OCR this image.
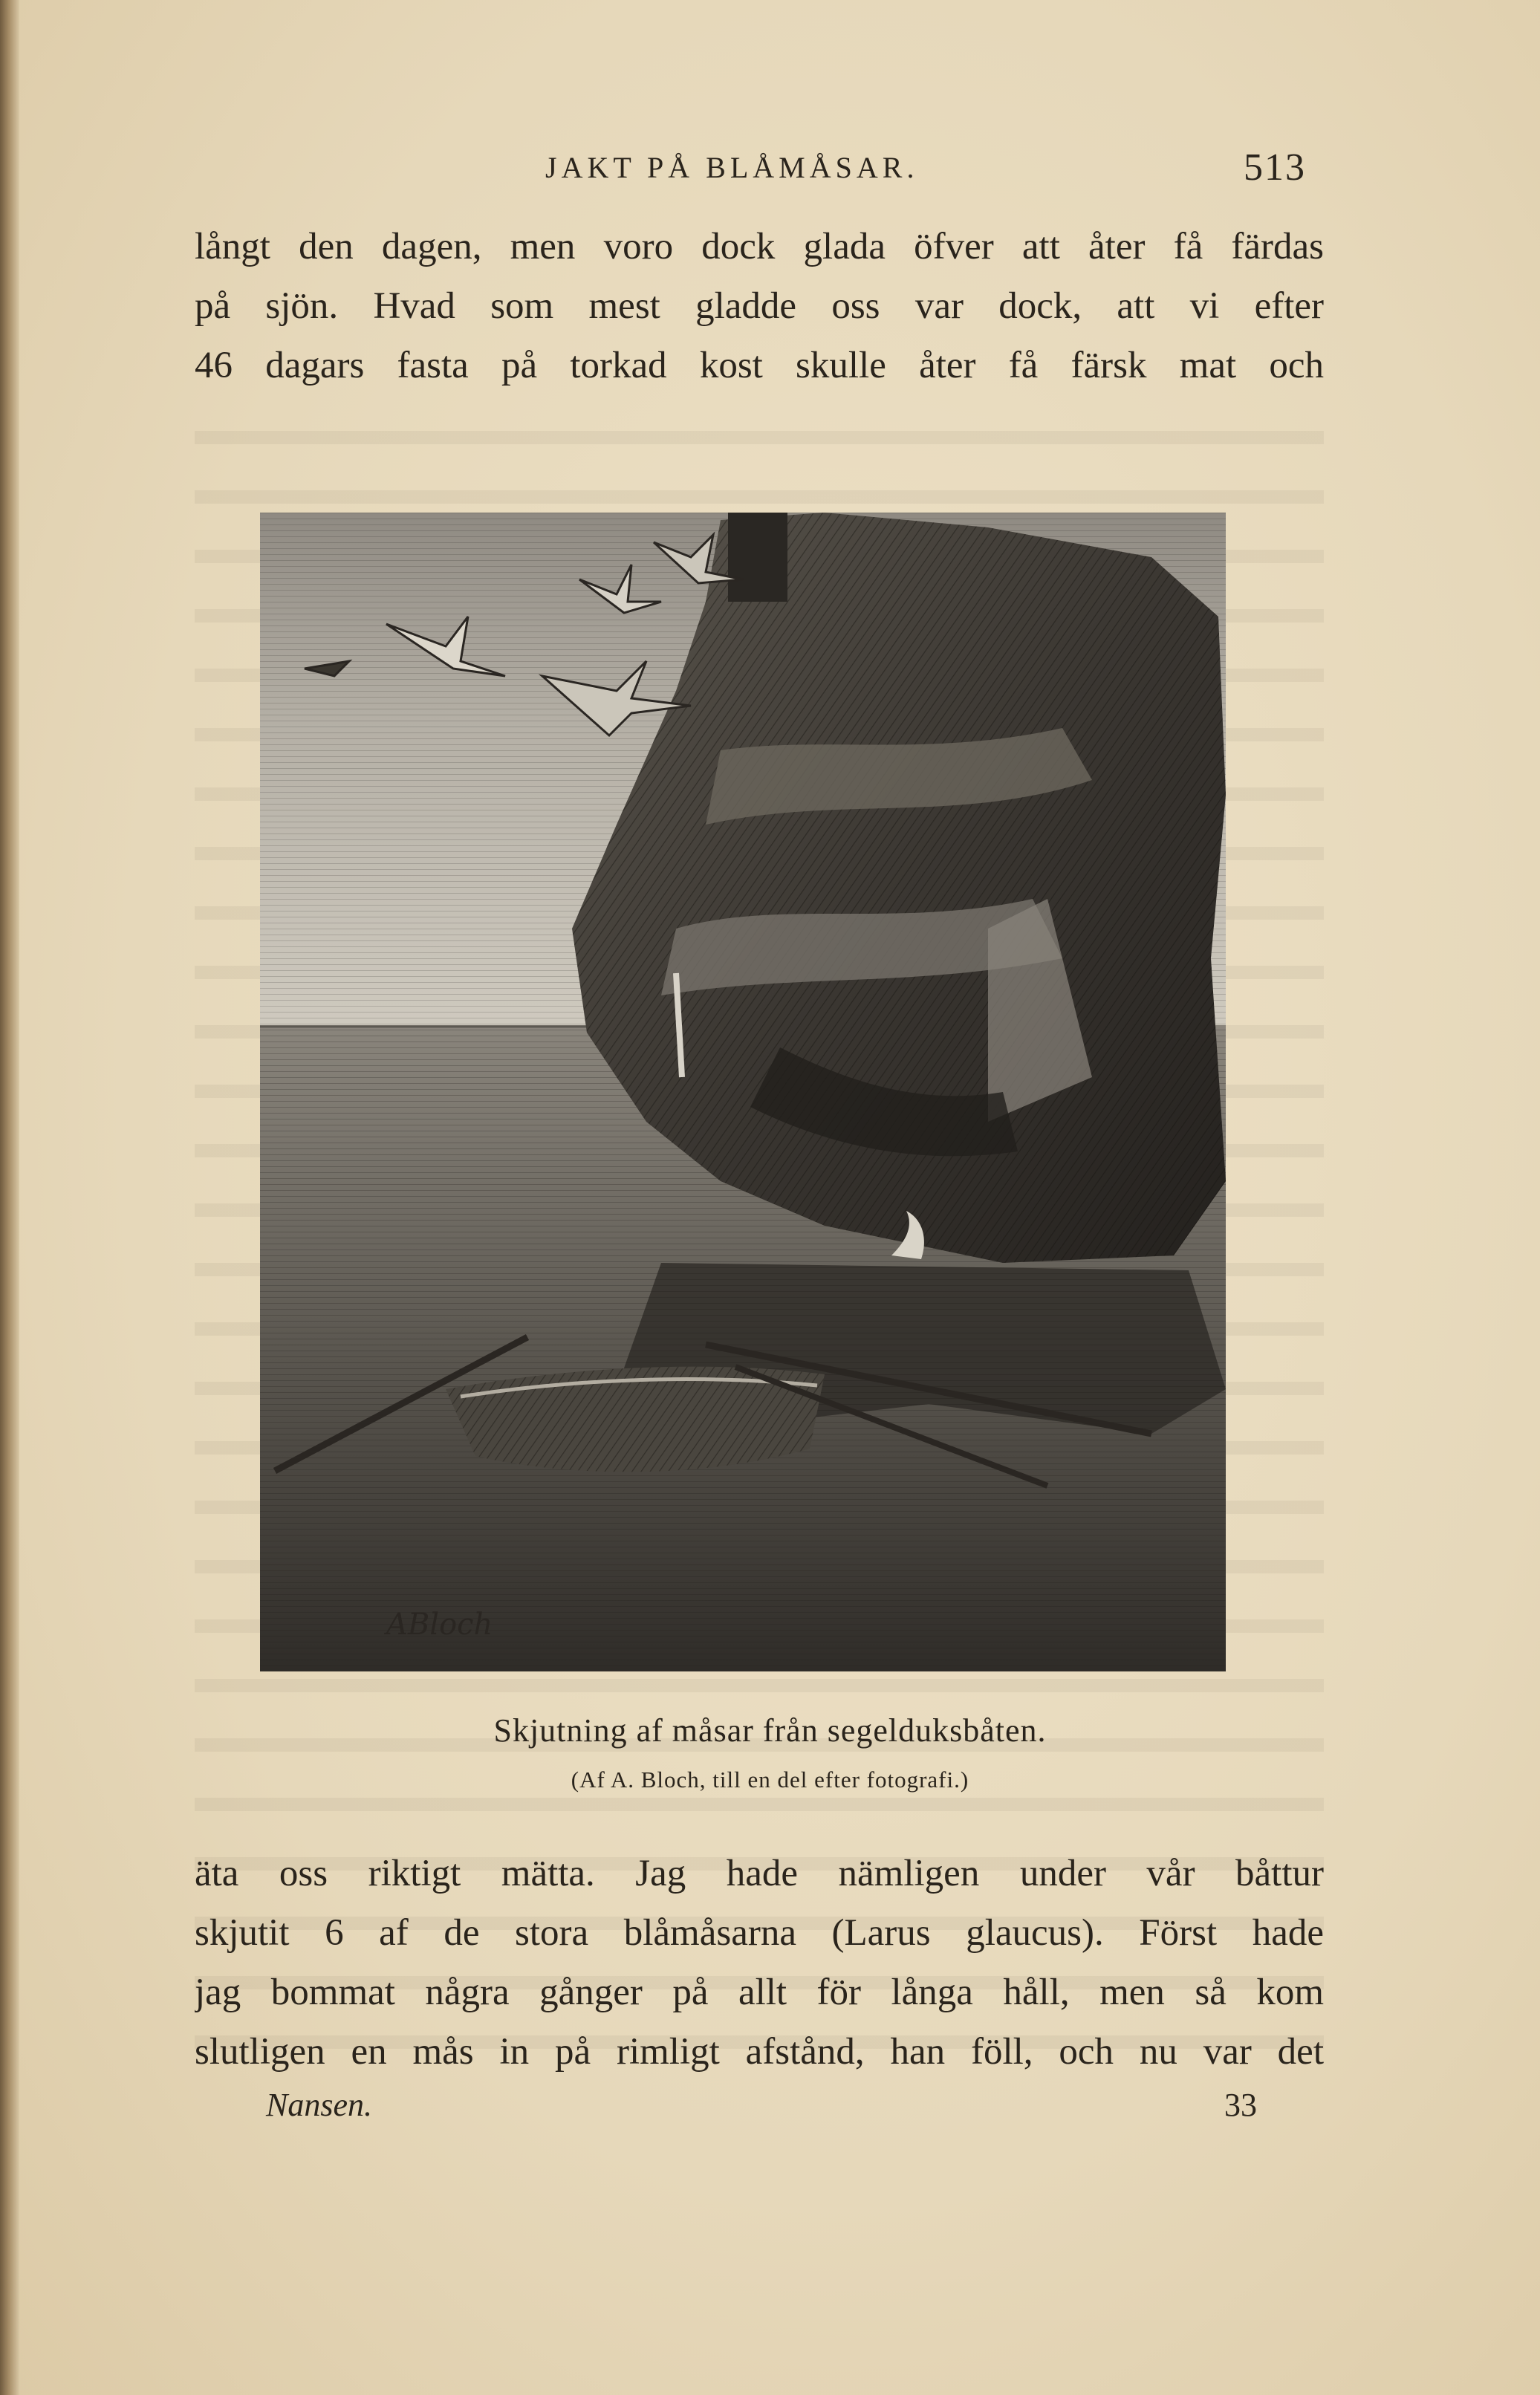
JAKT PÅ BLÅMÅSAR.	513
långt den dagen, men voro dock glada öfver att åter få färdas
på sjön. Hvad som mest gladde oss var dock, att vi efter
46 dagars fasta på torkad kost skulle åter få färsk mat och
ABloch
Skjutning af måsar från segelduksbåten.
(Af A. Bloch, till en del efter fotografi.)
äta oss riktigt mätta. Jag hade nämligen under vår båttur
skjutit 6 af de stora blåmåsarna (Larus glaucus). Först hade
jag bommat några gånger på allt för långa håll, men så kom
slutligen en mås in på rimligt afstånd, han föll, och nu var det
Nansen.	33
